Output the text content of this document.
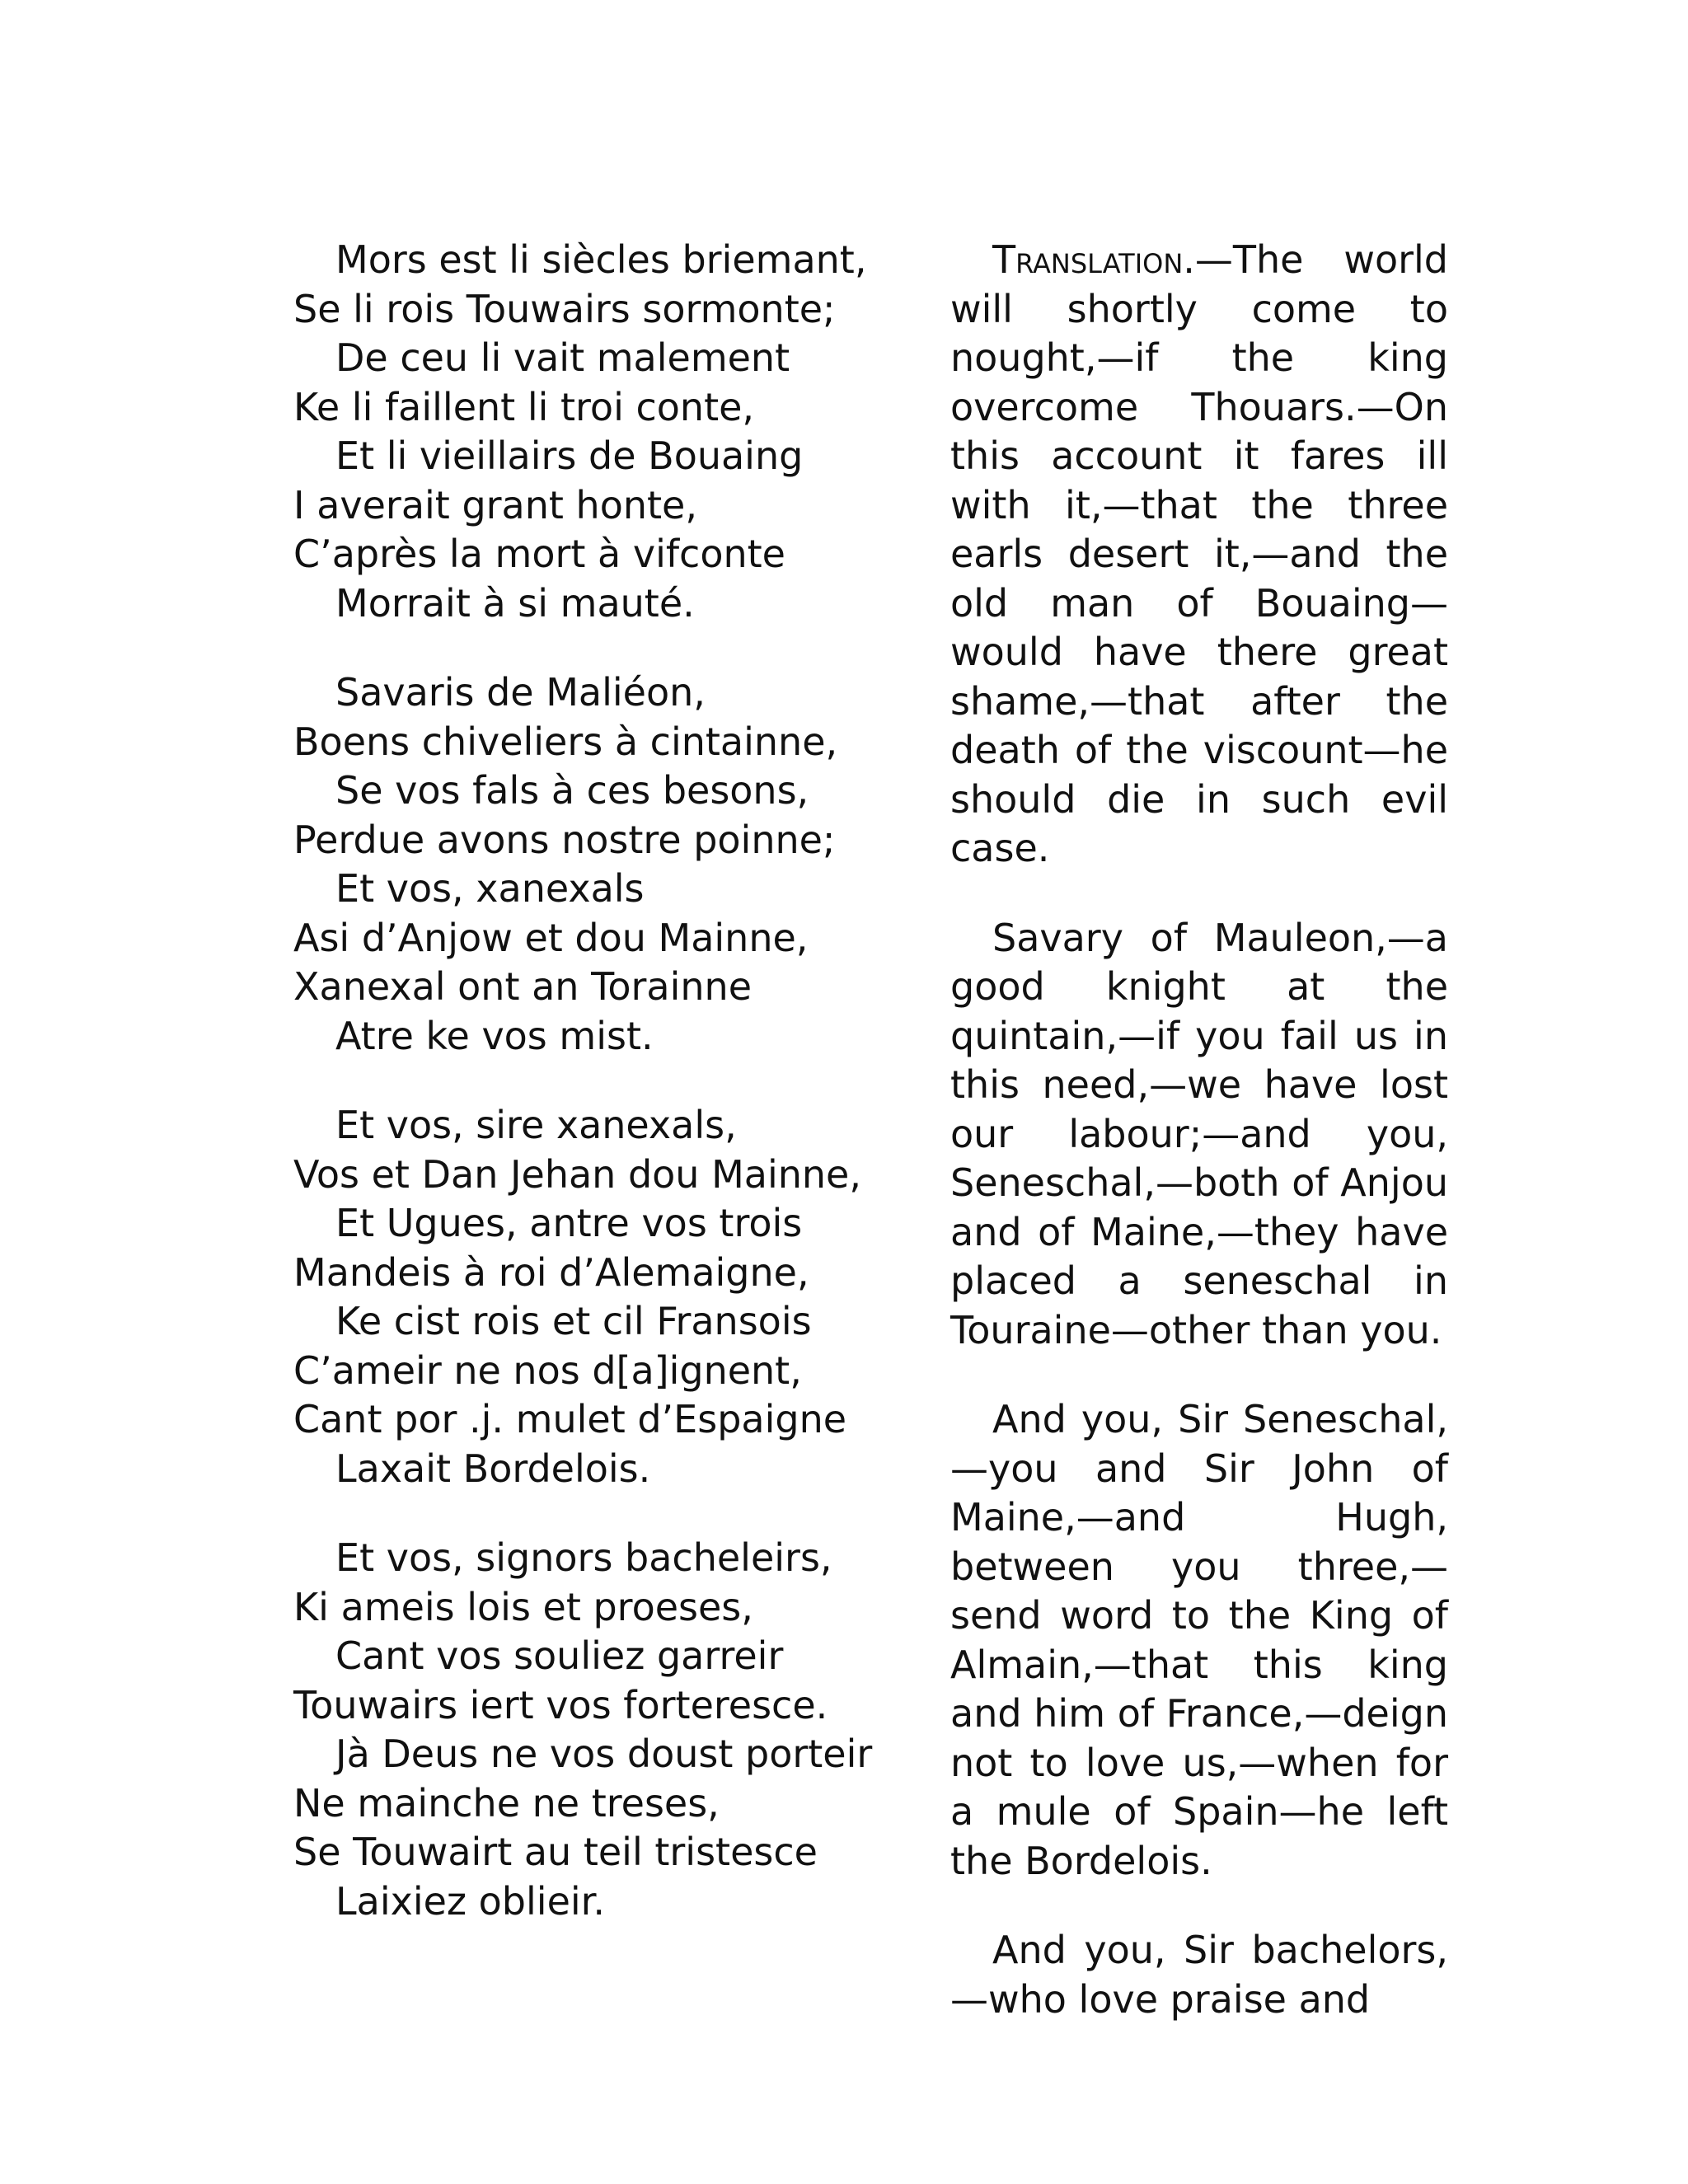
Mors est li siècles briemant,
Se li rois Touwairs sormonte;
De ceu li vait malement
Ke li faillent li troi conte,
Et li vieillairs de Bouaing
I averait grant honte,
C’après la mort à vifconte
Morrait à si mauté.
Savaris de Maliéon,
Boens chiveliers à cintainne,
Se vos fals à ces besons,
Perdue avons nostre poinne;
Et vos, xanexals
Asi d’Anjow et dou Mainne,
Xanexal ont an Torainne
Atre ke vos mist.
Et vos, sire xanexals,
Vos et Dan Jehan dou Mainne,
Et Ugues, antre vos trois
Mandeis à roi d’Alemaigne,
Ke cist rois et cil Fransois
C’ameir ne nos d[a]ignent,
Cant por .j. mulet d’Espaigne
Laxait Bordelois.
Et vos, signors bacheleirs,
Ki ameis lois et proeses,
Cant vos souliez garreir
Touwairs iert vos forteresce.
Jà Deus ne vos doust porteir
Ne mainche ne treses,
Se Touwairt au teil tristesce
Laixiez oblieir.

Translation.—The world will shortly come to nought,—if the king overcome Thouars.—On this account it fares ill with it,—that the three earls desert it,—and the old man of Bouaing—would have there great shame,—that after the death of the viscount—he should die in such evil case.

Savary of Mauleon,—a good knight at the quintain,—if you fail us in this need,—we have lost our labour;—and you, Seneschal,—both of Anjou and of Maine,—they have placed a seneschal in Touraine—other than you.

And you, Sir Seneschal,—you and Sir John of Maine,—and Hugh, between you three,—send word to the King of Almain,—that this king and him of France,—deign not to love us,—when for a mule of Spain—he left the Bordelois.

And you, Sir bachelors,—who love praise and
